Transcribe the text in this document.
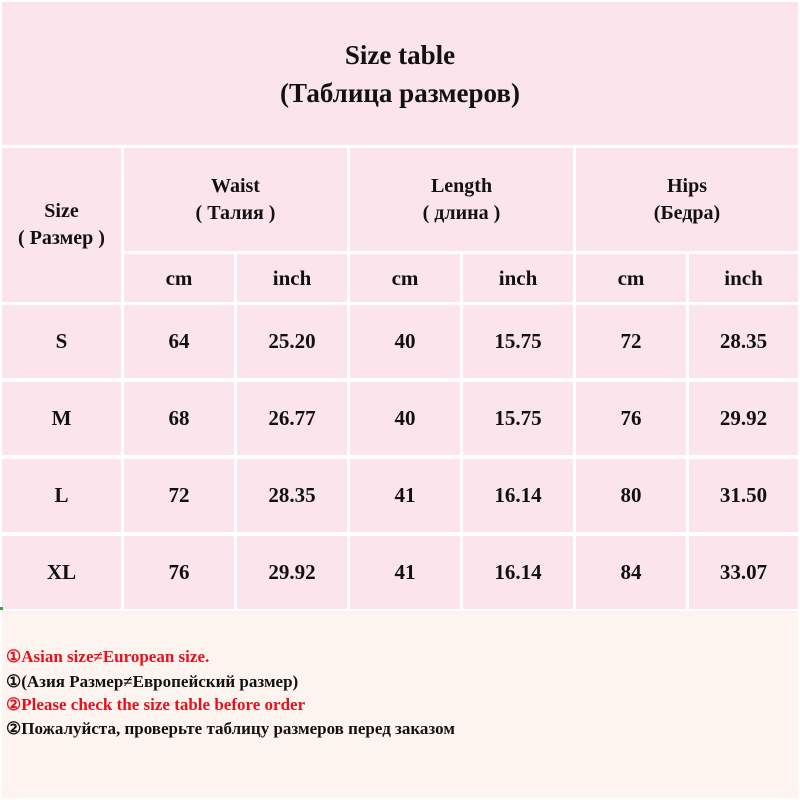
Size table
(Таблица размеров)
Size
( Размер )
Waist
( Талия )
Length
( длина )
Hips
(Бедра)
cm	inch	cm	inch	cm	inch
S	64	25.20	40	15.75	72	28.35
M	68	26.77	40	15.75	76	29.92
L	72	28.35	41	16.14	80	31.50
XL	76	29.92	41	16.14	84	33.07
①Asian size≠European size.
①(Азия Размер≠Европейский размер)
②Please check the size table before order
②Пожалуйста, проверьте таблицу размеров перед заказом
